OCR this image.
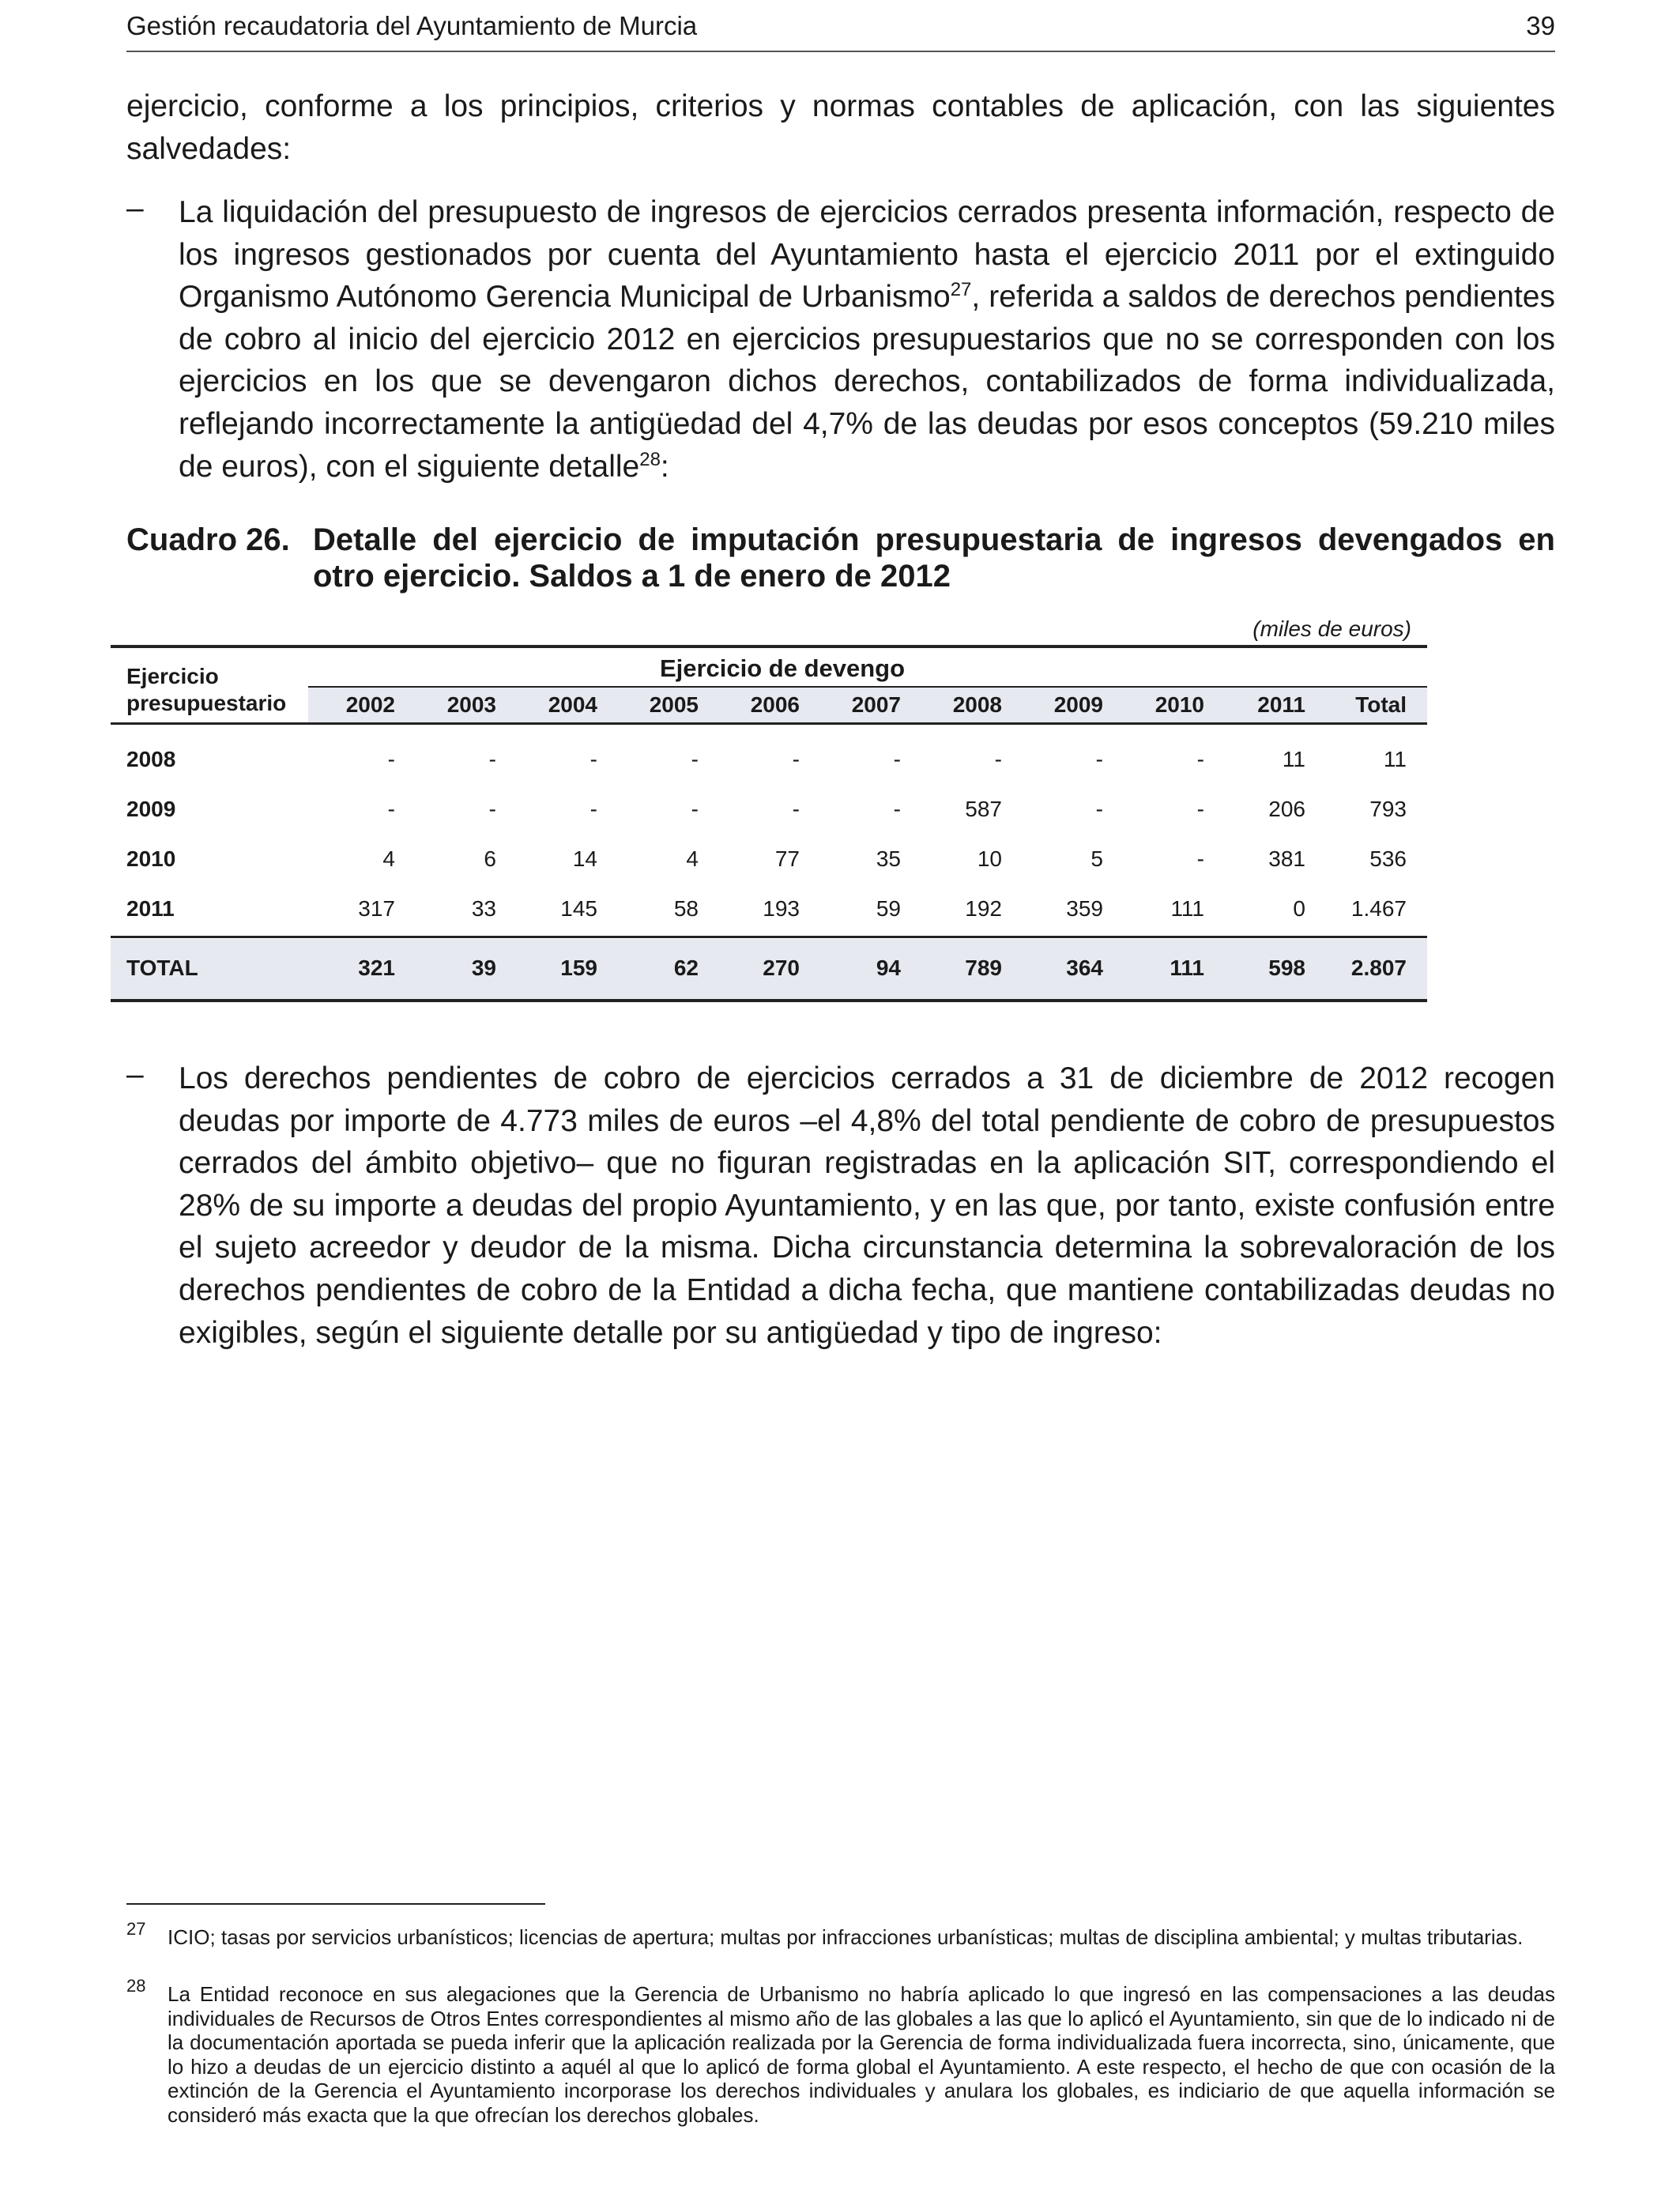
Gestión recaudatoria del Ayuntamiento de Murcia	39
ejercicio, conforme a los principios, criterios y normas contables de aplicación, con las siguientes salvedades:
– La liquidación del presupuesto de ingresos de ejercicios cerrados presenta información, respecto de los ingresos gestionados por cuenta del Ayuntamiento hasta el ejercicio 2011 por el extinguido Organismo Autónomo Gerencia Municipal de Urbanismo$^{27}$, referida a saldos de derechos pendientes de cobro al inicio del ejercicio 2012 en ejercicios presupuestarios que no se corresponden con los ejercicios en los que se devengaron dichos derechos, contabilizados de forma individualizada, reflejando incorrectamente la antigüedad del 4,7% de las deudas por esos conceptos (59.210 miles de euros), con el siguiente detalle$^{28}$:
Cuadro 26. Detalle del ejercicio de imputación presupuestaria de ingresos devengados en otro ejercicio. Saldos a 1 de enero de 2012
(miles de euros)
Ejercicio
presupuestario
Ejercicio de devengo
2002	2003	2004	2005	2006	2007	2008	2009	2010	2011	Total
2008	-	-	-	-	-	-	-	-	-	11	11
2009	-	-	-	-	-	-	587	-	-	206	793
2010	4	6	14	4	77	35	10	5	-	381	536
2011	317	33	145	58	193	59	192	359	111	0	1.467
TOTAL	321	39	159	62	270	94	789	364	111	598	2.807
– Los derechos pendientes de cobro de ejercicios cerrados a 31 de diciembre de 2012 recogen deudas por importe de 4.773 miles de euros –el 4,8% del total pendiente de cobro de presupuestos cerrados del ámbito objetivo– que no figuran registradas en la aplicación SIT, correspondiendo el 28% de su importe a deudas del propio Ayuntamiento, y en las que, por tanto, existe confusión entre el sujeto acreedor y deudor de la misma. Dicha circunstancia determina la sobrevaloración de los derechos pendientes de cobro de la Entidad a dicha fecha, que mantiene contabilizadas deudas no exigibles, según el siguiente detalle por su antigüedad y tipo de ingreso:
27 ICIO; tasas por servicios urbanísticos; licencias de apertura; multas por infracciones urbanísticas; multas de disciplina ambiental; y multas tributarias.
28 La Entidad reconoce en sus alegaciones que la Gerencia de Urbanismo no habría aplicado lo que ingresó en las compensaciones a las deudas individuales de Recursos de Otros Entes correspondientes al mismo año de las globales a las que lo aplicó el Ayuntamiento, sin que de lo indicado ni de la documentación aportada se pueda inferir que la aplicación realizada por la Gerencia de forma individualizada fuera incorrecta, sino, únicamente, que lo hizo a deudas de un ejercicio distinto a aquél al que lo aplicó de forma global el Ayuntamiento. A este respecto, el hecho de que con ocasión de la extinción de la Gerencia el Ayuntamiento incorporase los derechos individuales y anulara los globales, es indiciario de que aquella información se consideró más exacta que la que ofrecían los derechos globales.
